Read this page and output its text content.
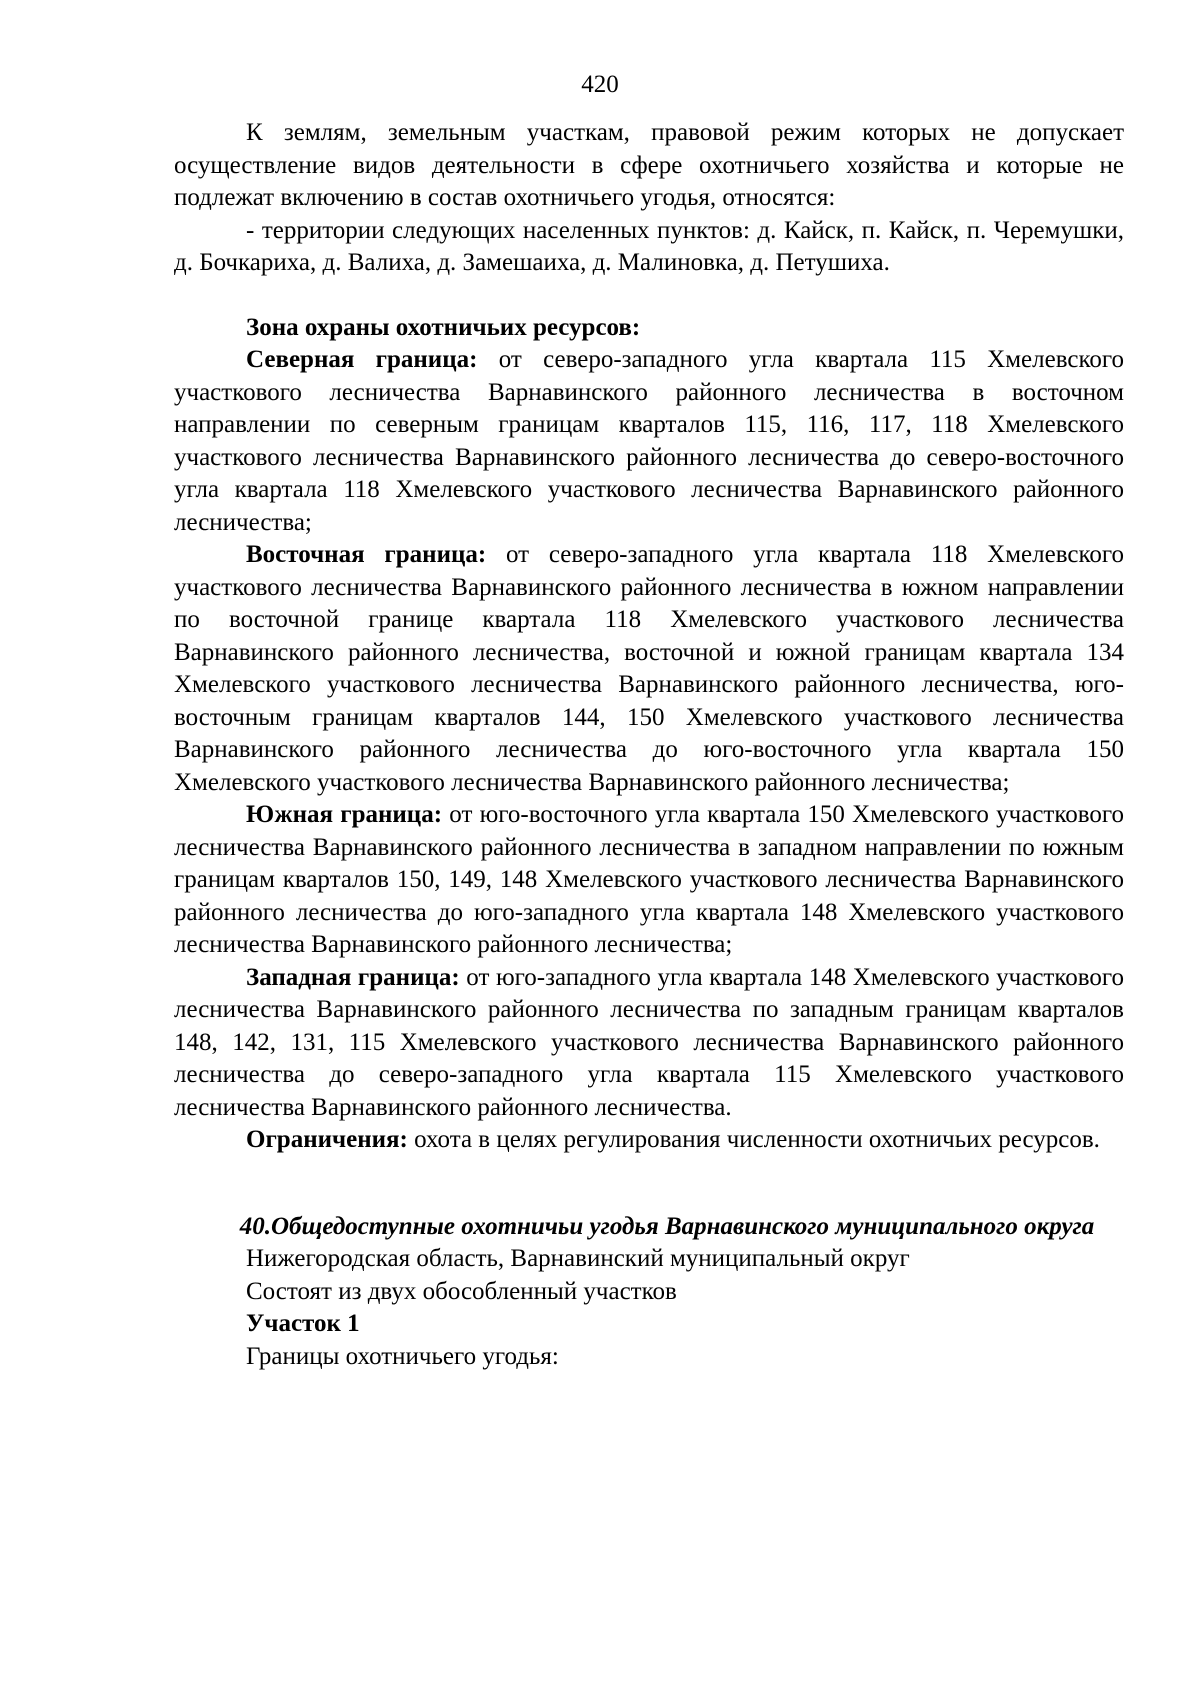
420

К землям, земельным участкам, правовой режим которых не допускает осуществление видов деятельности в сфере охотничьего хозяйства и которые не подлежат включению в состав охотничьего угодья, относятся:

- территории следующих населенных пунктов: д. Кайск, п. Кайск, п. Черемушки, д. Бочкариха, д. Валиха, д. Замешаиха, д. Малиновка, д. Петушиха.

Зона охраны охотничьих ресурсов:

Северная граница: от северо-западного угла квартала 115 Хмелевского участкового лесничества Варнавинского районного лесничества в восточном направлении по северным границам кварталов 115, 116, 117, 118 Хмелевского участкового лесничества Варнавинского районного лесничества до северо-восточного угла квартала 118 Хмелевского участкового лесничества Варнавинского районного лесничества;

Восточная граница: от северо-западного угла квартала 118 Хмелевского участкового лесничества Варнавинского районного лесничества в южном направлении по восточной границе квартала 118 Хмелевского участкового лесничества Варнавинского районного лесничества, восточной и южной границам квартала 134 Хмелевского участкового лесничества Варнавинского районного лесничества, юго-восточным границам кварталов 144, 150 Хмелевского участкового лесничества Варнавинского районного лесничества до юго-восточного угла квартала 150 Хмелевского участкового лесничества Варнавинского районного лесничества;

Южная граница: от юго-восточного угла квартала 150 Хмелевского участкового лесничества Варнавинского районного лесничества в западном направлении по южным границам кварталов 150, 149, 148 Хмелевского участкового лесничества Варнавинского районного лесничества до юго-западного угла квартала 148 Хмелевского участкового лесничества Варнавинского районного лесничества;

Западная граница: от юго-западного угла квартала 148 Хмелевского участкового лесничества Варнавинского районного лесничества по западным границам кварталов 148, 142, 131, 115 Хмелевского участкового лесничества Варнавинского районного лесничества до северо-западного угла квартала 115 Хмелевского участкового лесничества Варнавинского районного лесничества.

Ограничения: охота в целях регулирования численности охотничьих ресурсов.

40.Общедоступные охотничьи угодья Варнавинского муниципального округа

Нижегородская область, Варнавинский муниципальный округ

Состоят из двух обособленный участков

Участок 1

Границы охотничьего угодья:
